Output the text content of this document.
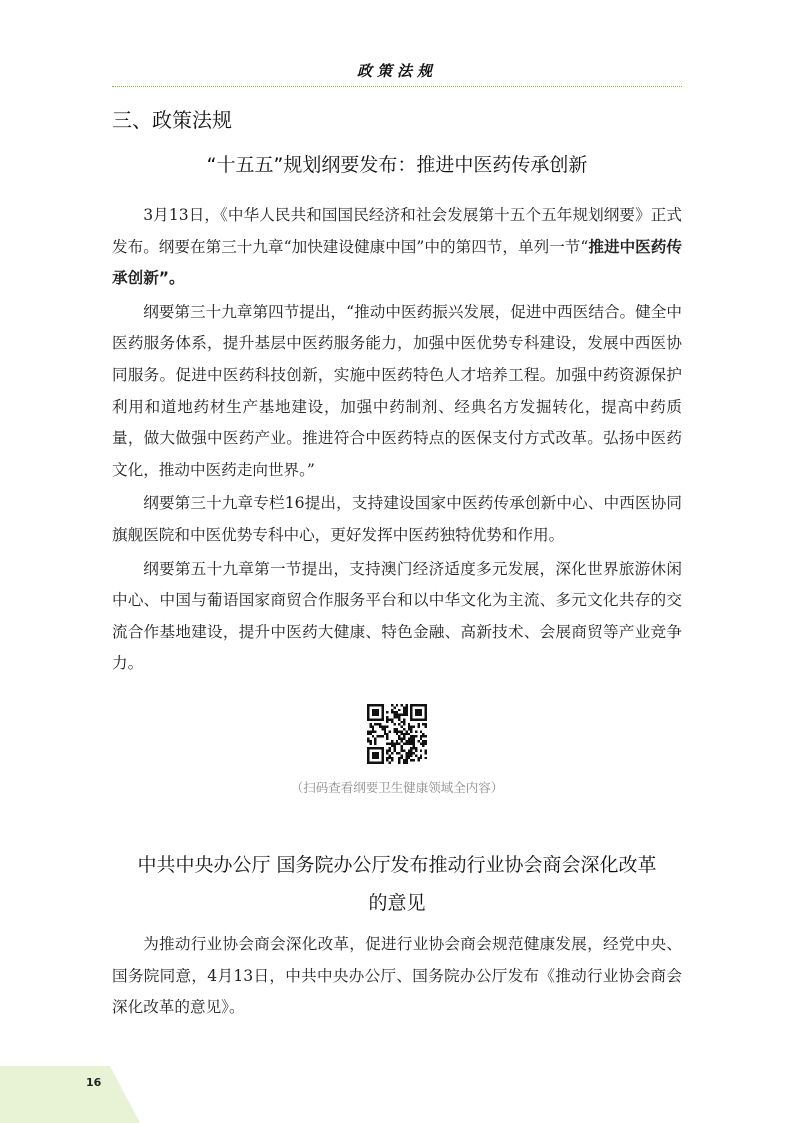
政策法规
三、政策法规
“十五五”规划纲要发布：推进中医药传承创新

3月13日，《中华人民共和国国民经济和社会发展第十五个五年规划纲要》正式发布。纲要在第三十九章“加快建设健康中国”中的第四节，单列一节“推进中医药传承创新”。

纲要第三十九章第四节提出，“推动中医药振兴发展，促进中西医结合。健全中医药服务体系，提升基层中医药服务能力，加强中医优势专科建设，发展中西医协同服务。促进中医药科技创新，实施中医药特色人才培养工程。加强中药资源保护利用和道地药材生产基地建设，加强中药制剂、经典名方发掘转化，提高中药质量，做大做强中医药产业。推进符合中医药特点的医保支付方式改革。弘扬中医药文化，推动中医药走向世界。”

纲要第三十九章专栏16提出，支持建设国家中医药传承创新中心、中西医协同旗舰医院和中医优势专科中心，更好发挥中医药独特优势和作用。

纲要第五十九章第一节提出，支持澳门经济适度多元发展，深化世界旅游休闲中心、中国与葡语国家商贸合作服务平台和以中华文化为主流、多元文化共存的交流合作基地建设，提升中医药大健康、特色金融、高新技术、会展商贸等产业竞争力。

（扫码查看纲要卫生健康领域全内容）
中共中央办公厅 国务院办公厅发布推动行业协会商会深化改革
的意见

为推动行业协会商会深化改革，促进行业协会商会规范健康发展，经党中央、国务院同意，4月13日，中共中央办公厅、国务院办公厅发布《推动行业协会商会深化改革的意见》。

16
